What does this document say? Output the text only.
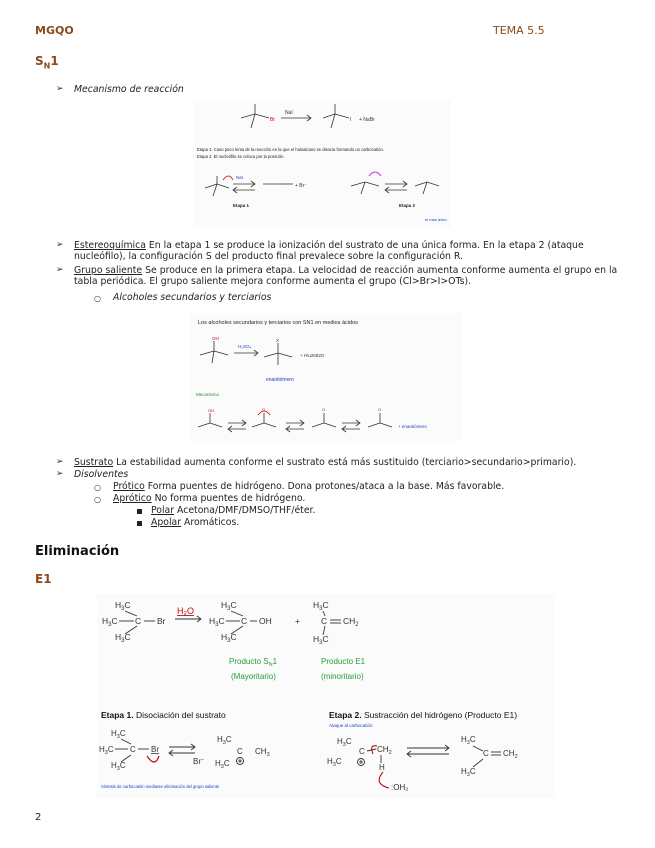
MGQO	TEMA 5.5
$S_N1$
➢ Mecanismo de reacción
Br
NaI
I + NaBr
Etapa 1. Caso poco lenta de la reacción en la que el haloalcano se disocia formando un carbocatión.
Etapa 2. El nucleófilo se coloca por la posición.
NaI
+ Br⁻
Etapa 1	Etapa 2
el más lento
➢ Estereoquímica En la etapa 1 se produce la ionización del sustrato de una única forma. En la etapa 2 (ataque nucleófilo), la configuración S del producto final prevalece sobre la configuración R.
➢ Grupo saliente Se produce en la primera etapa. La velocidad de reacción aumenta conforme aumenta el grupo en la tabla periódica. El grupo saliente mejora conforme aumenta el grupo (Cl>Br>I>OTs).
○ Alcoholes secundarios y terciarios
Los alcoholes secundarios y terciarios con SN1 en medios ácidos
OH
H₂SO₄
X
+ H\u2082O
enantiómero
Mecanismo
OH	O	O	O
+ enantiómero
➢ Sustrato La estabilidad aumenta conforme el sustrato está más sustituido (terciario>secundario>primario).
➢ Disolventes
○ Prótico Forma puentes de hidrógeno. Dona protones/ataca a la base. Más favorable.
○ Aprótico No forma puentes de hidrógeno.
Polar Acetona/DMF/DMSO/THF/éter.
Apolar Aromáticos.
Eliminación
E1
$H_3C$
$H_3C$ C
$H_3C$
$H_3C$
$H_3C$ C
$H_3C$
OH
$H_3C$
C
$H_3C$
$CH_2$
Br
H₂O
+
Producto $S_N1$
(Mayoritario)
Producto E1
(minoritario)
Etapa 1. Disociación del sustrato
$H_3C$
$H_3C$ C
$H_3C$
$H_3C$
C
$H_3C$
$CH_3$
Br−
Br
Síntesis de carbocatión mediante eliminación del grupo saliente
Etapa 2. Sustracción del hidrógeno (Producto E1)
Ataque al carbocatión
$H_3C$
C
$H_3C$
$CH_2$
H
$H_3C$
C
$H_3C$
$CH_2$
:OH₂
2
